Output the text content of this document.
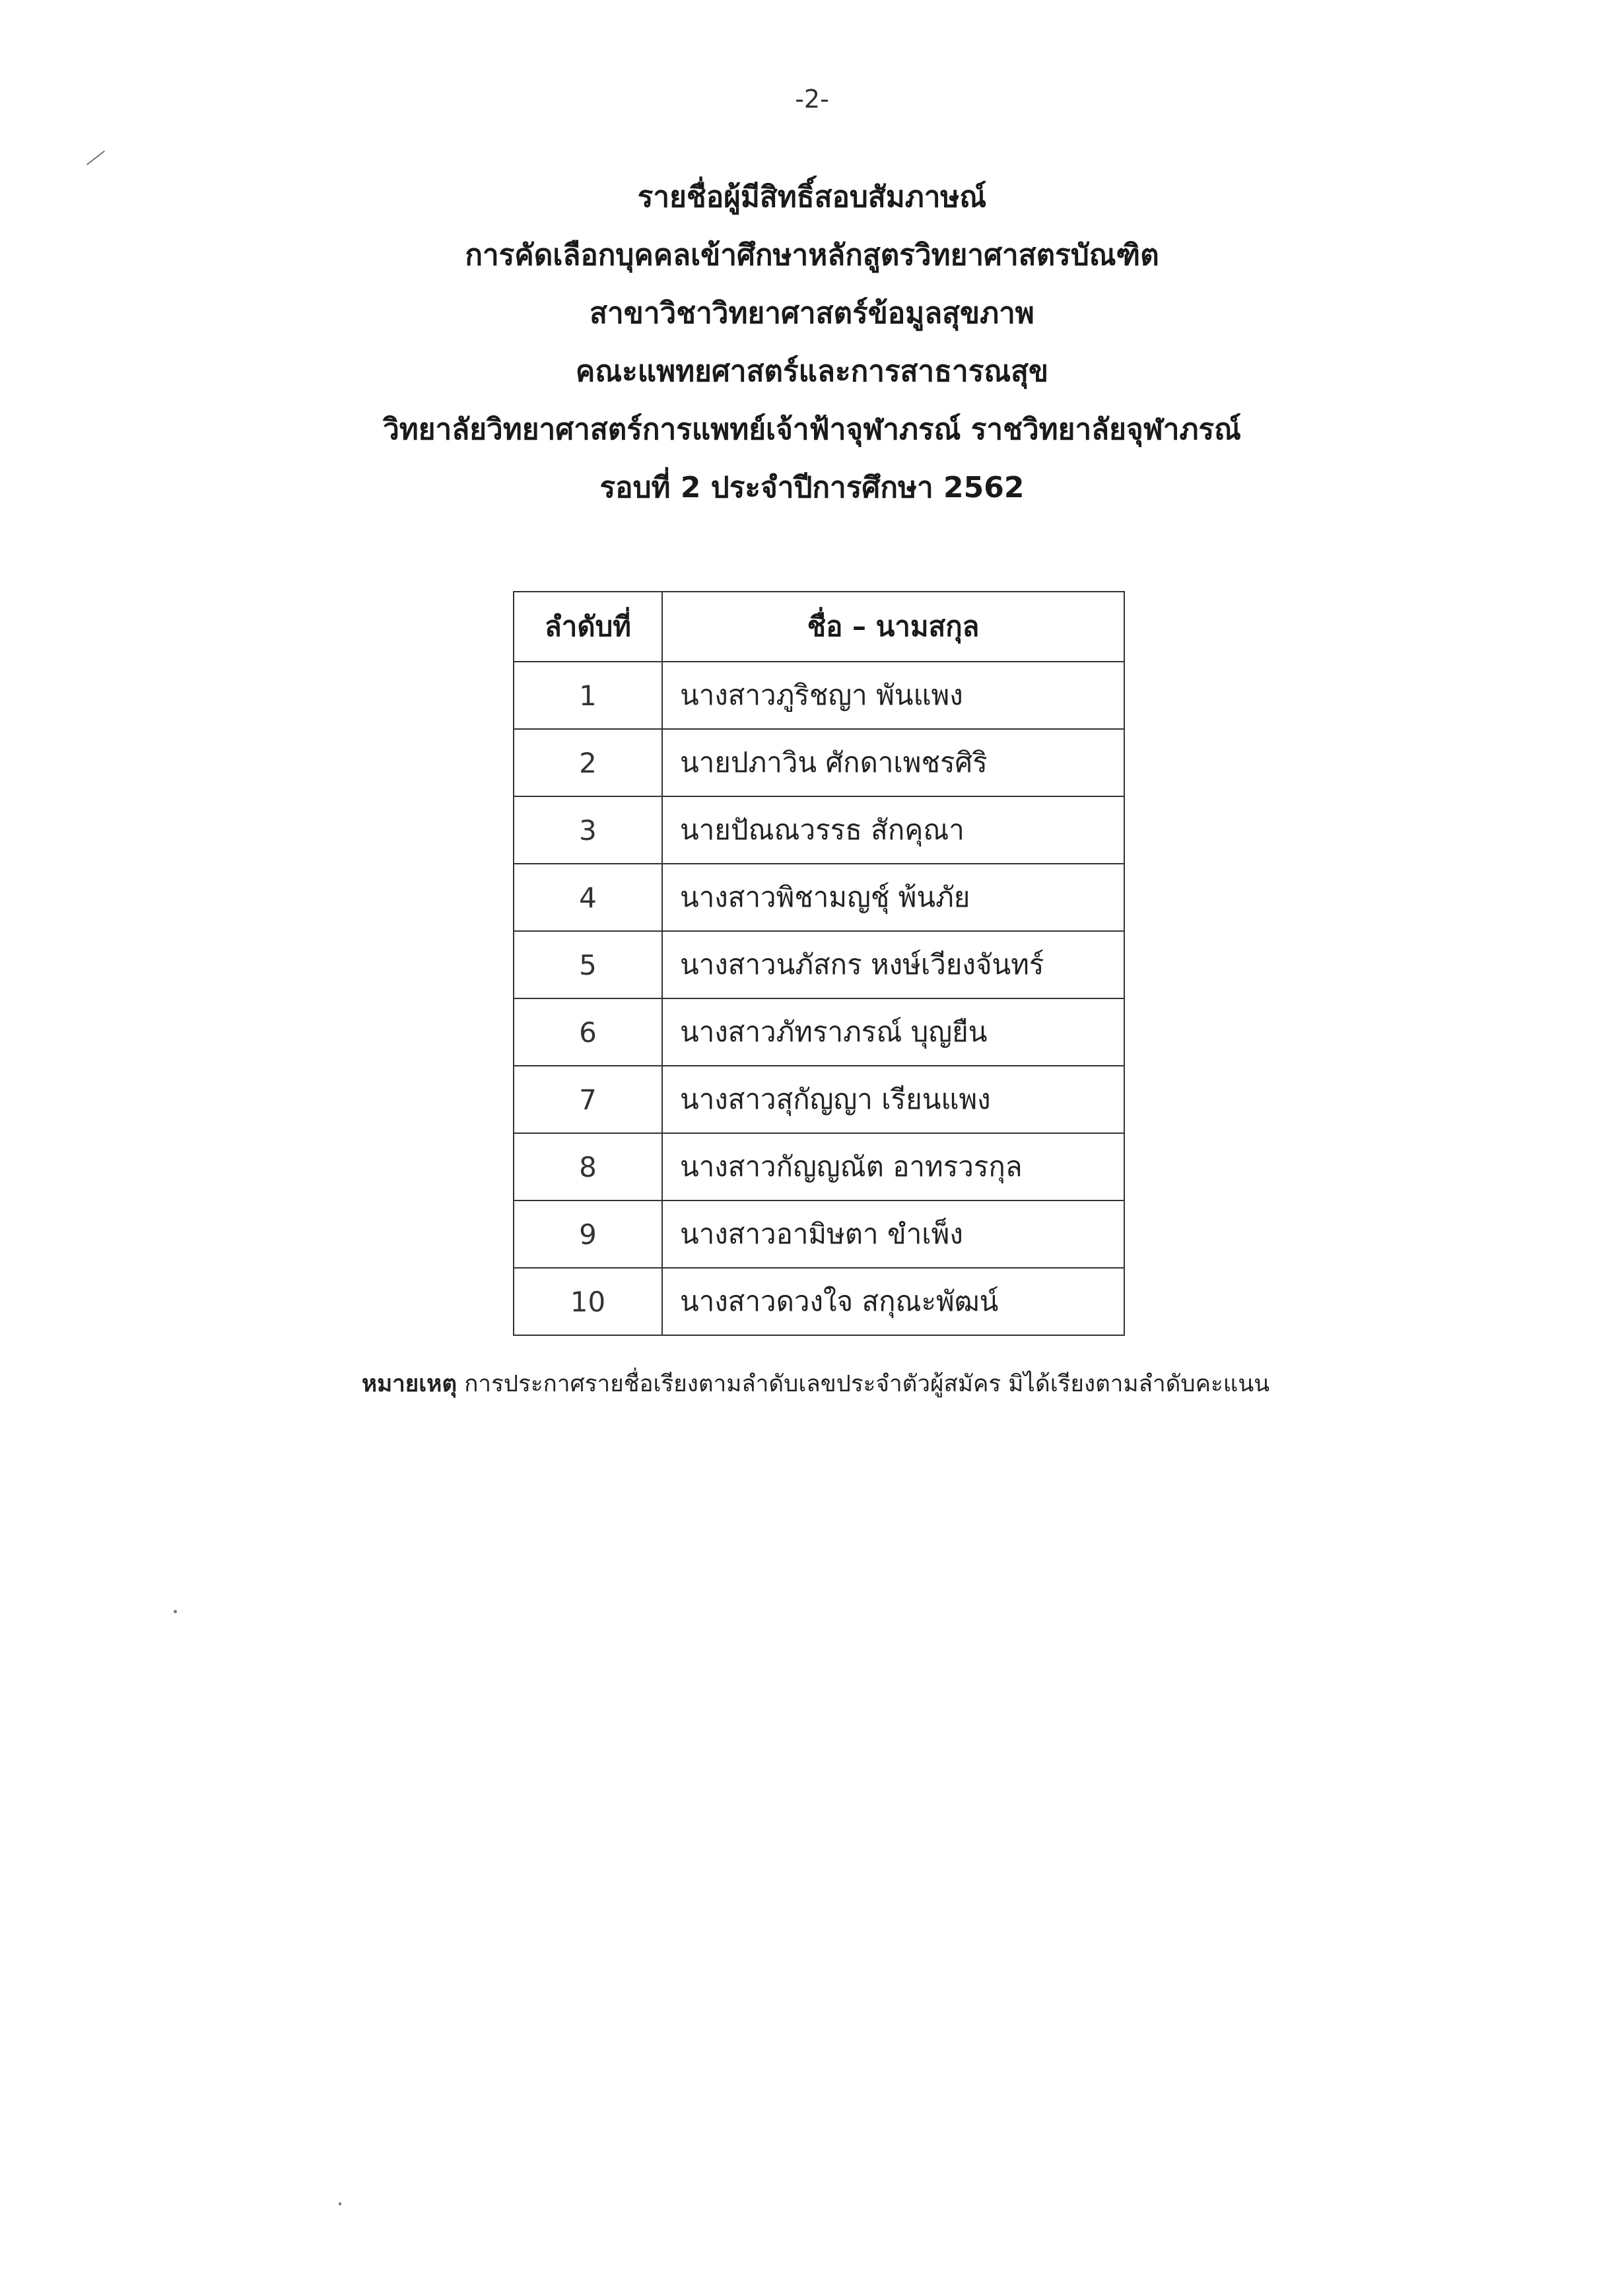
-2-
รายชื่อผู้มีสิทธิ์สอบสัมภาษณ์
การคัดเลือกบุคคลเข้าศึกษาหลักสูตรวิทยาศาสตรบัณฑิต
สาขาวิชาวิทยาศาสตร์ข้อมูลสุขภาพ
คณะแพทยศาสตร์และการสาธารณสุข
วิทยาลัยวิทยาศาสตร์การแพทย์เจ้าฟ้าจุฬาภรณ์ ราชวิทยาลัยจุฬาภรณ์
รอบที่ 2 ประจำปีการศึกษา 2562
ลำดับที่	ชื่อ – นามสกุล
1	นางสาวภูริชญา พันแพง
2	นายปภาวิน ศักดาเพชรศิริ
3	นายปัณณวรรธ สักคุณา
4	นางสาวพิชามญชุ์ พ้นภัย
5	นางสาวนภัสกร หงษ์เวียงจันทร์
6	นางสาวภัทราภรณ์ บุญยืน
7	นางสาวสุกัญญา เรียนแพง
8	นางสาวกัญญณัต อาทรวรกุล
9	นางสาวอามิษตา ขำเพ็ง
10	นางสาวดวงใจ สกุณะพัฒน์
หมายเหตุ การประกาศรายชื่อเรียงตามลำดับเลขประจำตัวผู้สมัคร มิได้เรียงตามลำดับคะแนน
